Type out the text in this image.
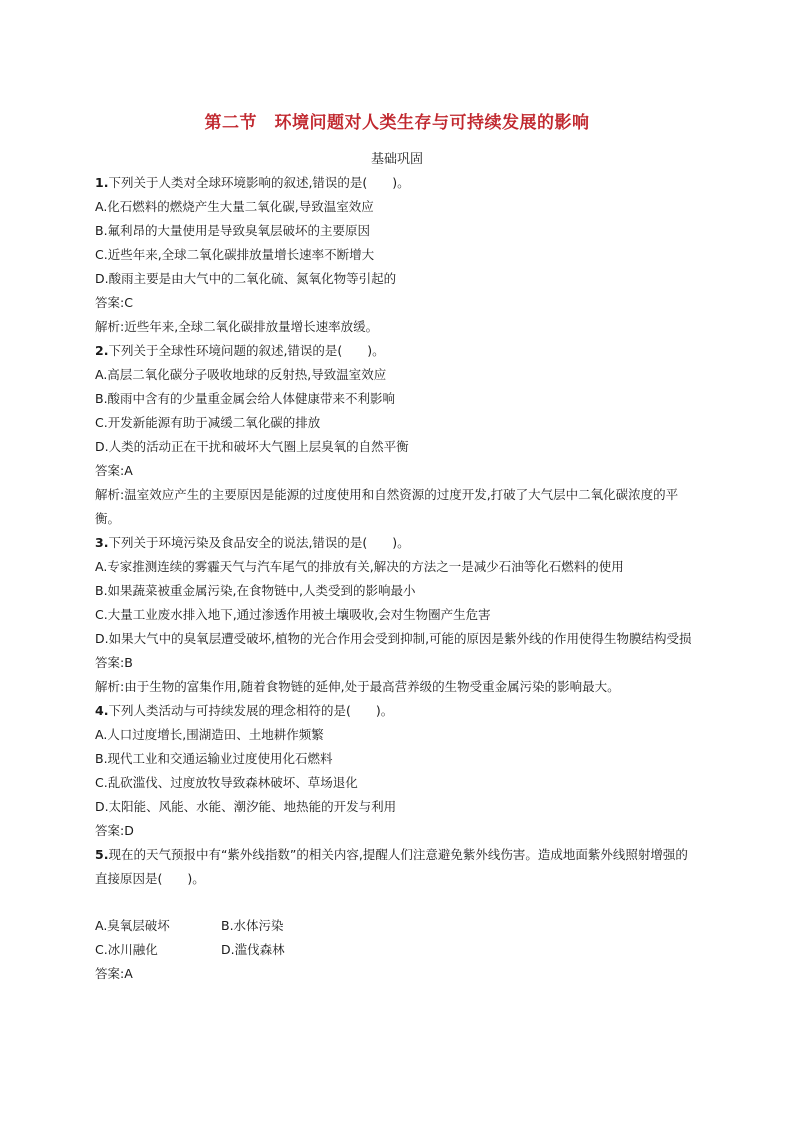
第二节　环境问题对人类生存与可持续发展的影响
基础巩固
1.下列关于人类对全球环境影响的叙述,错误的是(　　)。
A.化石燃料的燃烧产生大量二氧化碳,导致温室效应
B.氟利昂的大量使用是导致臭氧层破坏的主要原因
C.近些年来,全球二氧化碳排放量增长速率不断增大
D.酸雨主要是由大气中的二氧化硫、氮氧化物等引起的
答案:C
解析:近些年来,全球二氧化碳排放量增长速率放缓。
2.下列关于全球性环境问题的叙述,错误的是(　　)。
A.高层二氧化碳分子吸收地球的反射热,导致温室效应
B.酸雨中含有的少量重金属会给人体健康带来不利影响
C.开发新能源有助于减缓二氧化碳的排放
D.人类的活动正在干扰和破坏大气圈上层臭氧的自然平衡
答案:A
解析:温室效应产生的主要原因是能源的过度使用和自然资源的过度开发,打破了大气层中二氧化碳浓度的平衡。
3.下列关于环境污染及食品安全的说法,错误的是(　　)。
A.专家推测连续的雾霾天气与汽车尾气的排放有关,解决的方法之一是减少石油等化石燃料的使用
B.如果蔬菜被重金属污染,在食物链中,人类受到的影响最小
C.大量工业废水排入地下,通过渗透作用被土壤吸收,会对生物圈产生危害
D.如果大气中的臭氧层遭受破坏,植物的光合作用会受到抑制,可能的原因是紫外线的作用使得生物膜结构受损
答案:B
解析:由于生物的富集作用,随着食物链的延伸,处于最高营养级的生物受重金属污染的影响最大。
4.下列人类活动与可持续发展的理念相符的是(　　)。
A.人口过度增长,围湖造田、土地耕作频繁
B.现代工业和交通运输业过度使用化石燃料
C.乱砍滥伐、过度放牧导致森林破坏、草场退化
D.太阳能、风能、水能、潮汐能、地热能的开发与利用
答案:D
5.现在的天气预报中有“紫外线指数”的相关内容,提醒人们注意避免紫外线伤害。造成地面紫外线照射增强的直接原因是(　　)。
A.臭氧层破坏	B.水体污染
C.冰川融化	D.滥伐森林
答案:A
